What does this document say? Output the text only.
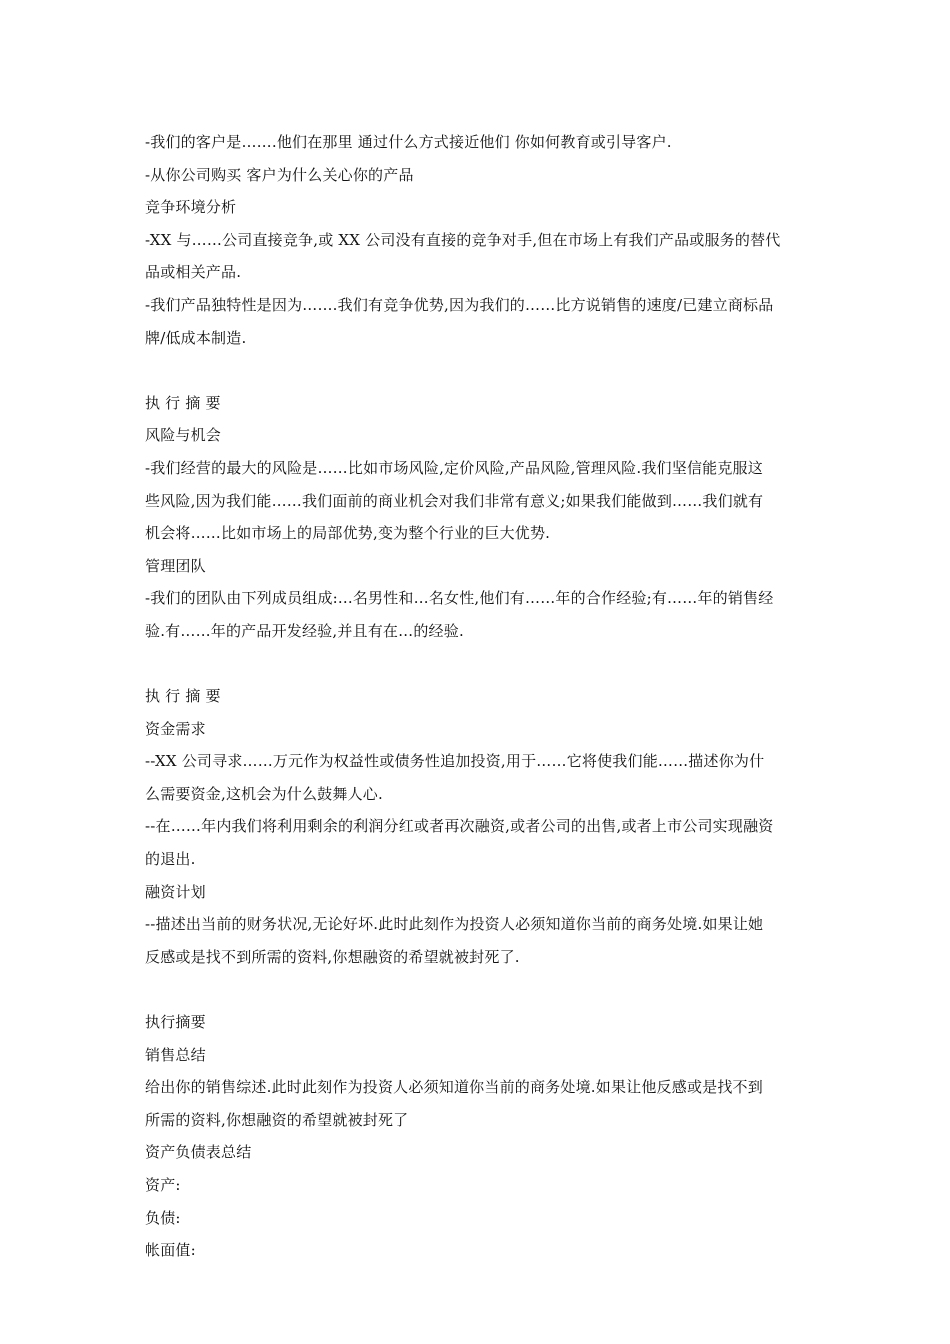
-我们的客户是…….他们在那里 通过什么方式接近他们 你如何教育或引导客户.
-从你公司购买 客户为什么关心你的产品
竞争环境分析
-XX 与……公司直接竞争,或 XX 公司没有直接的竞争对手,但在市场上有我们产品或服务的替代
品或相关产品.
-我们产品独特性是因为…….我们有竞争优势,因为我们的……比方说销售的速度/已建立商标品
牌/低成本制造.
执 行 摘 要
风险与机会
-我们经营的最大的风险是……比如市场风险,定价风险,产品风险,管理风险.我们坚信能克服这
些风险,因为我们能……我们面前的商业机会对我们非常有意义;如果我们能做到……我们就有
机会将……比如市场上的局部优势,变为整个行业的巨大优势.
管理团队
-我们的团队由下列成员组成:...名男性和…名女性,他们有……年的合作经验;有……年的销售经
验.有……年的产品开发经验,并且有在…的经验.
执 行 摘 要
资金需求
--XX 公司寻求……万元作为权益性或债务性追加投资,用于……它将使我们能……描述你为什
么需要资金,这机会为什么鼓舞人心.
--在……年内我们将利用剩余的利润分红或者再次融资,或者公司的出售,或者上市公司实现融资
的退出.
融资计划
--描述出当前的财务状况,无论好坏.此时此刻作为投资人必须知道你当前的商务处境.如果让她
反感或是找不到所需的资料,你想融资的希望就被封死了.
执行摘要
销售总结
给出你的销售综述.此时此刻作为投资人必须知道你当前的商务处境.如果让他反感或是找不到
所需的资料,你想融资的希望就被封死了
资产负债表总结
资产:
负债:
帐面值:
